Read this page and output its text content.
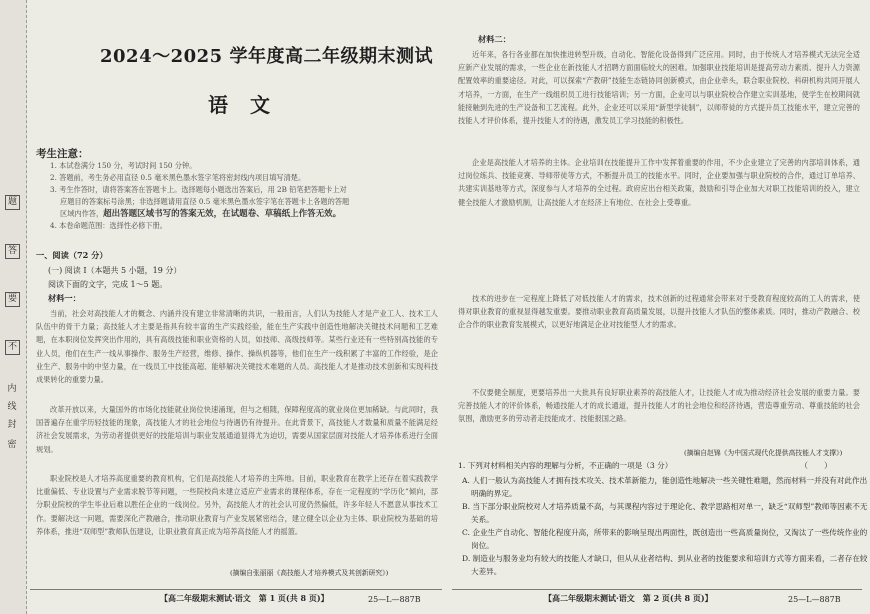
题
答
要
不
内
线
封
密
2024～2025 学年度高二年级期末测试
语文
考生注意：
1. 本试卷满分 150 分，考试时间 150 分钟。
2. 答题前，考生务必用直径 0.5 毫米黑色墨水签字笔将密封线内项目填写清楚。
3. 考生作答时，请将答案答在答题卡上。选择题每小题选出答案后，用 2B 铅笔把答题卡上对
应题目的答案标号涂黑；非选择题请用直径 0.5 毫米黑色墨水签字笔在答题卡上各题的答题
区域内作答，超出答题区域书写的答案无效，在试题卷、草稿纸上作答无效。
4. 本卷命题范围：选择性必修下册。
一、阅读（72 分）
(一) 阅读 I（本题共 5 小题，19 分）
阅读下面的文字，完成 1～5 题。
材料一：
当前，社会对高技能人才的概念、内涵并没有建立非常清晰的共识，一般而言，人们认为技能人才是产业工人、技术工人队伍中的骨干力量；高技能人才主要是指具有较丰富的生产实践经验，能在生产实践中创造性地解决关键技术问题和工艺难题，在本职岗位发挥突出作用的，具有高级技能和职业资格的人员，如技师、高级技师等。某些行业还有一些特别高技能的专业人员，他们在生产一线从事操作、服务生产经营，维修、操作、操纵机器等，他们在生产一线积累了丰富的工作经验，是企业生产、服务中的中坚力量，在一线员工中技能高超、能够解决关键技术难题的人员。高技能人才是推动技术创新和实现科技成果转化的重要力量。
改革开放以来，大量国外的市场化技能就业岗位快速涌现，但与之相随，保障程度高的就业岗位更加稀缺。与此同时，我国普遍存在重学历轻技能的现象，高技能人才的社会地位与待遇仍有待提升。在此背景下，高技能人才数量和质量不能满足经济社会发展需求，为劳动者提供更好的技能培训与职业发展通道显得尤为迫切，需要从国家层面对技能人才培养体系进行全面规划。
职业院校是人才培养高度重要的教育机构，它们是高技能人才培养的主阵地。目前，职业教育在教学上还存在着实践教学比重偏低、专业设置与产业需求脱节等问题，一些院校尚未建立适应产业需求的课程体系，存在一定程度的“学历化”倾向，部分职业院校的学生毕业后难以胜任企业的一线岗位。另外，高技能人才的社会认可度仍然偏低，许多年轻人不愿意从事技术工作。要解决这一问题，需要深化产教融合，推动职业教育与产业发展紧密结合，建立健全以企业为主体、职业院校为基础的培养体系，推进“双师型”教师队伍建设，让职业教育真正成为培养高技能人才的摇篮。
(摘编自张丽丽《高技能人才培养模式及其创新研究》)
【高二年级期末测试·语文　第 1 页(共 8 页)】	25—L—887B
材料二：
近年来，各行各业都在加快推进转型升级，自动化、智能化设备得到广泛应用。同时，由于传统人才培养模式无法完全适应新产业发展的需求，一些企业在新技能人才招聘方面面临较大的困难。加强职业技能培训是提高劳动力素质、提升人力资源配置效率的重要途径。对此，可以探索“产教研”技能生态链协同创新模式，由企业牵头，联合职业院校、科研机构共同开展人才培养，一方面，在生产一线组织员工进行技能培训；另一方面，企业可以与职业院校合作建立实训基地，使学生在校期间就能接触到先进的生产设备和工艺流程。此外，企业还可以采用“新型学徒制”，以师带徒的方式提升员工技能水平，建立完善的技能人才评价体系，提升技能人才的待遇，激发员工学习技能的积极性。
企业是高技能人才培养的主体。企业培训在技能提升工作中发挥着重要的作用，不少企业建立了完善的内部培训体系，通过岗位练兵、技能竞赛、导师带徒等方式，不断提升员工的技能水平。同时，企业要加强与职业院校的合作，通过订单培养、共建实训基地等方式，深度参与人才培养的全过程。政府应出台相关政策，鼓励和引导企业加大对职工技能培训的投入，建立健全技能人才激励机制，让高技能人才在经济上有地位、在社会上受尊重。
技术的进步在一定程度上降低了对低技能人才的需求，技术创新的过程通常会带来对于受教育程度较高的工人的需求，使得对职业教育的重视显得越发重要。要推动职业教育高质量发展，以提升技能人才队伍的整体素质。同时，推动产教融合、校企合作的职业教育发展模式，以更好地满足企业对技能型人才的需求。
不仅要健全制度，更要培养出一大批具有良好职业素养的高技能人才，让技能人才成为推动经济社会发展的重要力量。要完善技能人才的评价体系，畅通技能人才的成长通道，提升技能人才的社会地位和经济待遇，营造尊重劳动、尊重技能的社会氛围，激励更多的劳动者走技能成才、技能报国之路。
(摘编自赵锦《为中国式现代化提供高技能人才支撑》)
1. 下列对材料相关内容的理解与分析，不正确的一项是（3 分）	（　　）
A. 人们一般认为高技能人才拥有技术攻关、技术革新能力，能创造性地解决一些关键性难题，然而材料一并没有对此作出明确的界定。
B. 当下部分职业院校对人才培养质量不高，与其课程内容过于理论化、教学思路相对单一，缺乏“双师型”教师等因素不无关系。
C. 企业生产自动化、智能化程度升高，所带来的影响呈现出两面性，既创造出一些高质量岗位，又淘汰了一些传统作业的岗位。
D. 制造业与服务业均有较大的技能人才缺口，但从从业者结构、到从业者的技能要求和培训方式等方面来看，二者存在较大差异。
【高二年级期末测试·语文　第 2 页(共 8 页)】	25—L—887B
